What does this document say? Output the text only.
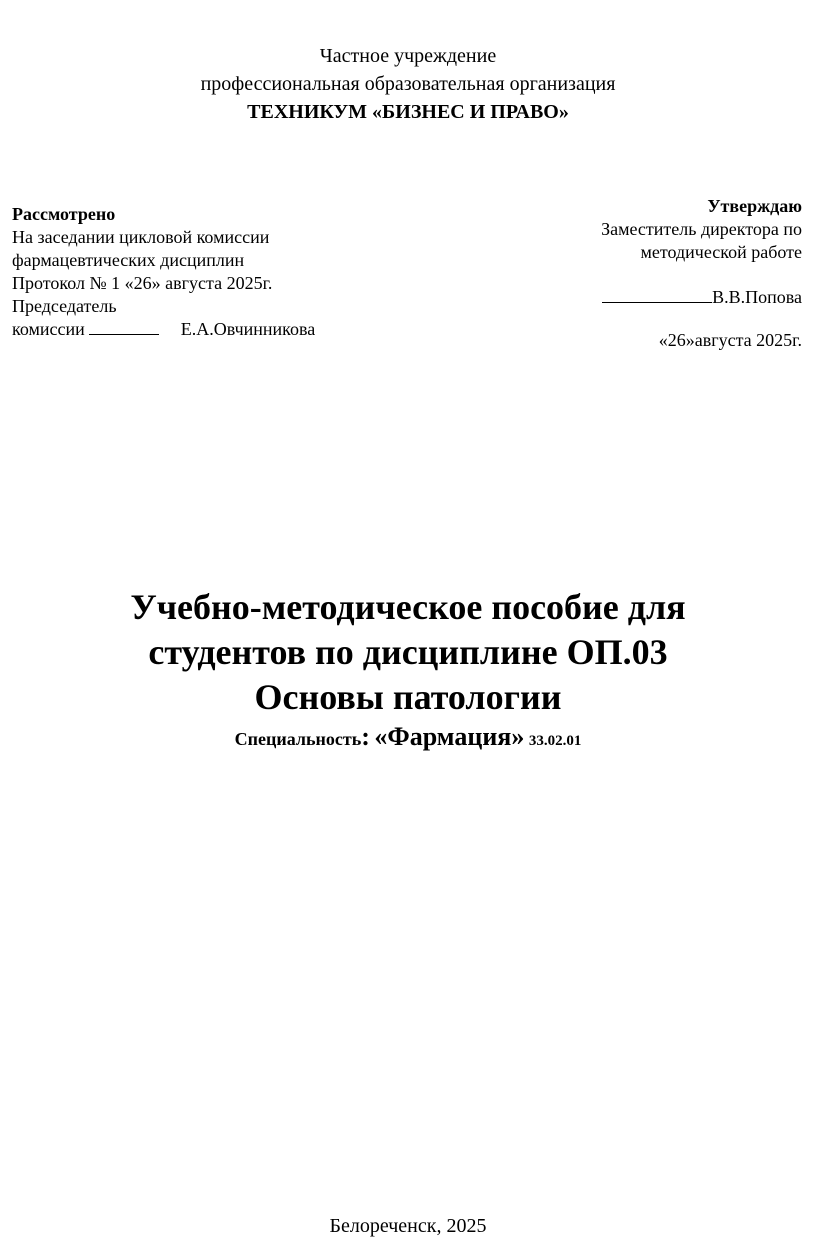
Частное учреждение
профессиональная образовательная организация
ТЕХНИКУМ «БИЗНЕС И ПРАВО»
Рассмотрено
На заседании цикловой комиссии
фармацевтических дисциплин
Протокол № 1 «26» августа 2025г.
Председатель
комиссии	Е.А.Овчинникова
Утверждаю
Заместитель директора по
методической работе
В.В.Попова
«26»августа 2025г.
Учебно-методическое пособие для
студентов по дисциплине ОП.03
Основы патологии
Специальность: «Фармация» 33.02.01
Белореченск, 2025
